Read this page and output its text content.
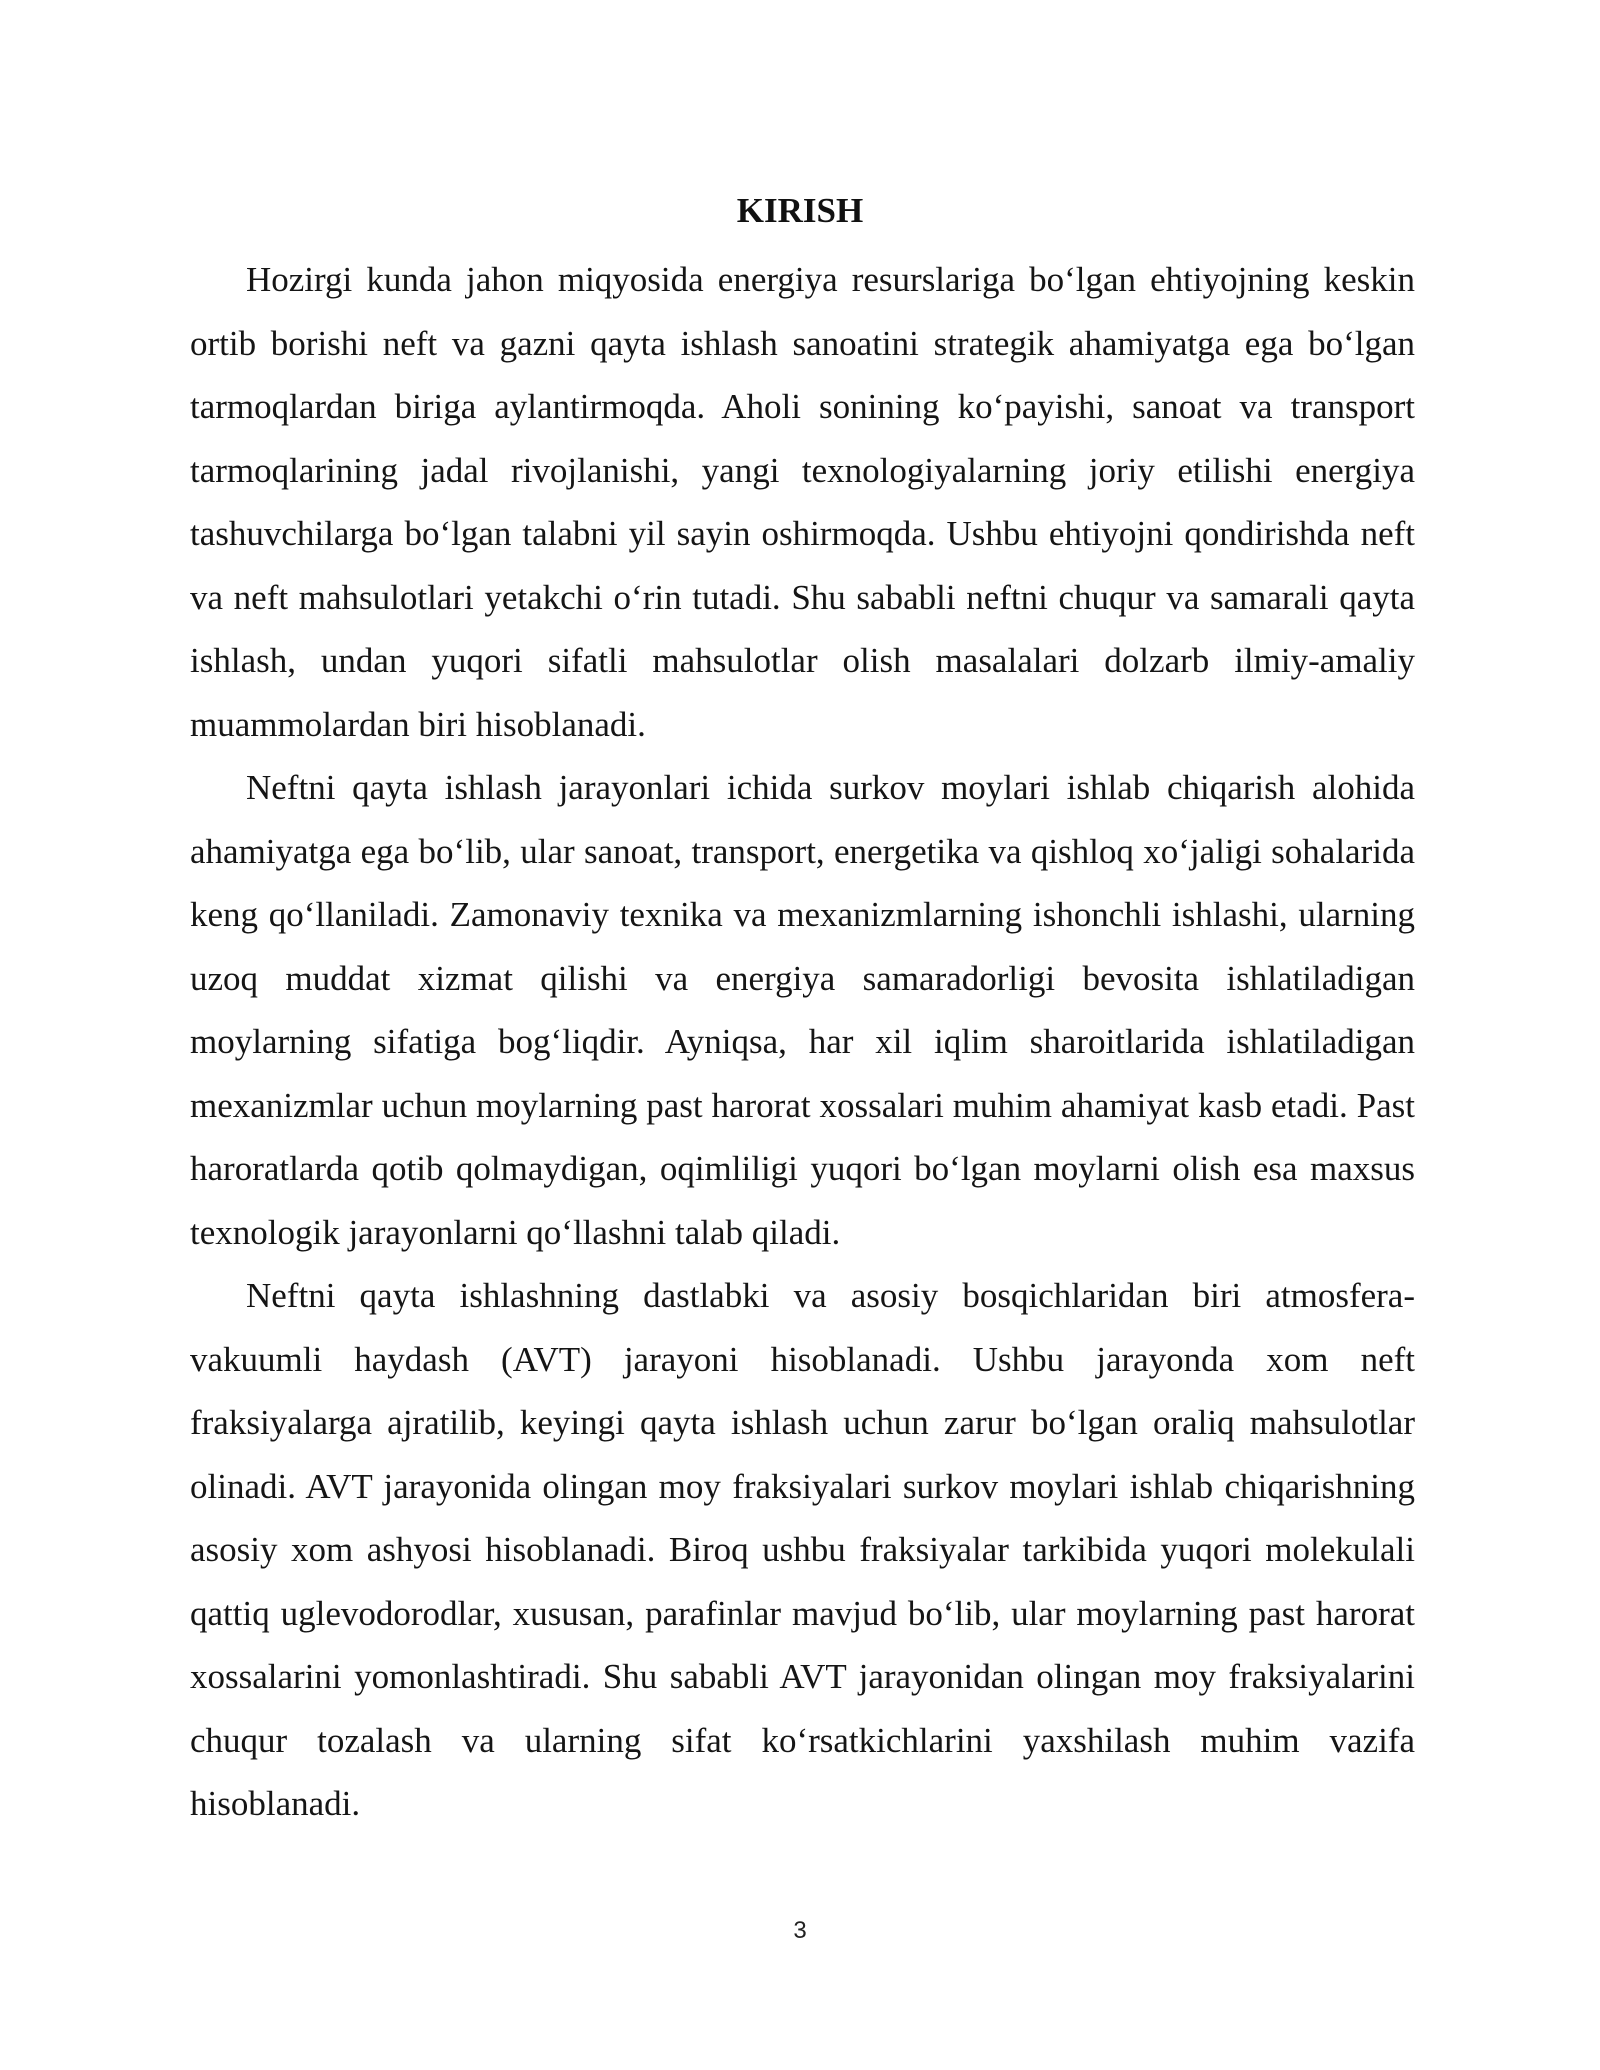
KIRISH

Hozirgi kunda jahon miqyosida energiya resurslariga bo‘lgan ehtiyojning keskin ortib borishi neft va gazni qayta ishlash sanoatini strategik ahamiyatga ega bo‘lgan tarmoqlardan biriga aylantirmoqda. Aholi sonining ko‘payishi, sanoat va transport tarmoqlarining jadal rivojlanishi, yangi texnologiyalarning joriy etilishi energiya tashuvchilarga bo‘lgan talabni yil sayin oshirmoqda. Ushbu ehtiyojni qondirishda neft va neft mahsulotlari yetakchi o‘rin tutadi. Shu sababli neftni chuqur va samarali qayta ishlash, undan yuqori sifatli mahsulotlar olish masalalari dolzarb ilmiy-amaliy muammolardan biri hisoblanadi.

Neftni qayta ishlash jarayonlari ichida surkov moylari ishlab chiqarish alohida ahamiyatga ega bo‘lib, ular sanoat, transport, energetika va qishloq xo‘jaligi sohalarida keng qo‘llaniladi. Zamonaviy texnika va mexanizmlarning ishonchli ishlashi, ularning uzoq muddat xizmat qilishi va energiya samaradorligi bevosita ishlatiladigan moylarning sifatiga bog‘liqdir. Ayniqsa, har xil iqlim sharoitlarida ishlatiladigan mexanizmlar uchun moylarning past harorat xossalari muhim ahamiyat kasb etadi. Past haroratlarda qotib qolmaydigan, oqimliligi yuqori bo‘lgan moylarni olish esa maxsus texnologik jarayonlarni qo‘llashni talab qiladi.

Neftni qayta ishlashning dastlabki va asosiy bosqichlaridan biri atmosfera-vakuumli haydash (AVT) jarayoni hisoblanadi. Ushbu jarayonda xom neft fraksiyalarga ajratilib, keyingi qayta ishlash uchun zarur bo‘lgan oraliq mahsulotlar olinadi. AVT jarayonida olingan moy fraksiyalari surkov moylari ishlab chiqarishning asosiy xom ashyosi hisoblanadi. Biroq ushbu fraksiyalar tarkibida yuqori molekulali qattiq uglevodorodlar, xususan, parafinlar mavjud bo‘lib, ular moylarning past harorat xossalarini yomonlashtiradi. Shu sababli AVT jarayonidan olingan moy fraksiyalarini chuqur tozalash va ularning sifat ko‘rsatkichlarini yaxshilash muhim vazifa hisoblanadi.

3
